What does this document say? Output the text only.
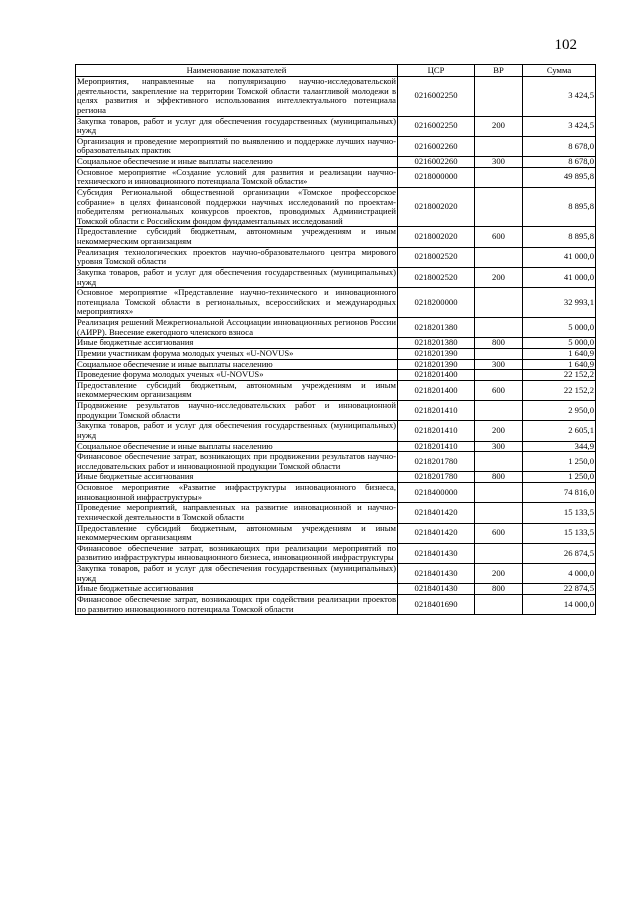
102
Наименование показателей	ЦСР	ВР	Сумма
Мероприятия, направленные на популяризацию научно-исследовательской деятельности, закрепление на территории Томской области талантливой молодежи в целях развития и эффективного использования интеллектуального потенциала региона	0216002250		3 424,5
Закупка товаров, работ и услуг для обеспечения государственных (муниципальных) нужд	0216002250	200	3 424,5
Организация и проведение мероприятий по выявлению и поддержке лучших научно-образовательных практик	0216002260		8 678,0
Социальное обеспечение и иные выплаты населению	0216002260	300	8 678,0
Основное мероприятие «Создание условий для развития и реализации научно-технического и инновационного потенциала Томской области»	0218000000		49 895,8
Субсидия Региональной общественной организации «Томское профессорское собрание» в целях финансовой поддержки научных исследований по проектам-победителям региональных конкурсов проектов, проводимых Администрацией Томской области с Российским фондом фундаментальных исследований	0218002020		8 895,8
Предоставление субсидий бюджетным, автономным учреждениям и иным некоммерческим организациям	0218002020	600	8 895,8
Реализация технологических проектов научно-образовательного центра мирового уровня Томской области	0218002520		41 000,0
Закупка товаров, работ и услуг для обеспечения государственных (муниципальных) нужд	0218002520	200	41 000,0
Основное мероприятие «Представление научно-технического и инновационного потенциала Томской области в региональных, всероссийских и международных мероприятиях»	0218200000		32 993,1
Реализация решений Межрегиональной Ассоциации инновационных регионов России (АИРР). Внесение ежегодного членского взноса	0218201380		5 000,0
Иные бюджетные ассигнования	0218201380	800	5 000,0
Премии участникам форума молодых ученых «U-NOVUS»	0218201390		1 640,9
Социальное обеспечение и иные выплаты населению	0218201390	300	1 640,9
Проведение форума молодых ученых «U-NOVUS»	0218201400		22 152,2
Предоставление субсидий бюджетным, автономным учреждениям и иным некоммерческим организациям	0218201400	600	22 152,2
Продвижение результатов научно-исследовательских работ и инновационной продукции Томской области	0218201410		2 950,0
Закупка товаров, работ и услуг для обеспечения государственных (муниципальных) нужд	0218201410	200	2 605,1
Социальное обеспечение и иные выплаты населению	0218201410	300	344,9
Финансовое обеспечение затрат, возникающих при продвижении результатов научно-исследовательских работ и инновационной продукции Томской области	0218201780		1 250,0
Иные бюджетные ассигнования	0218201780	800	1 250,0
Основное мероприятие «Развитие инфраструктуры инновационного бизнеса, инновационной инфраструктуры»	0218400000		74 816,0
Проведение мероприятий, направленных на развитие инновационной и научно-технической деятельности в Томской области	0218401420		15 133,5
Предоставление субсидий бюджетным, автономным учреждениям и иным некоммерческим организациям	0218401420	600	15 133,5
Финансовое обеспечение затрат, возникающих при реализации мероприятий по развитию инфраструктуры инновационного бизнеса, инновационной инфраструктуры	0218401430		26 874,5
Закупка товаров, работ и услуг для обеспечения государственных (муниципальных) нужд	0218401430	200	4 000,0
Иные бюджетные ассигнования	0218401430	800	22 874,5
Финансовое обеспечение затрат, возникающих при содействии реализации проектов по развитию инновационного потенциала Томской области	0218401690		14 000,0
